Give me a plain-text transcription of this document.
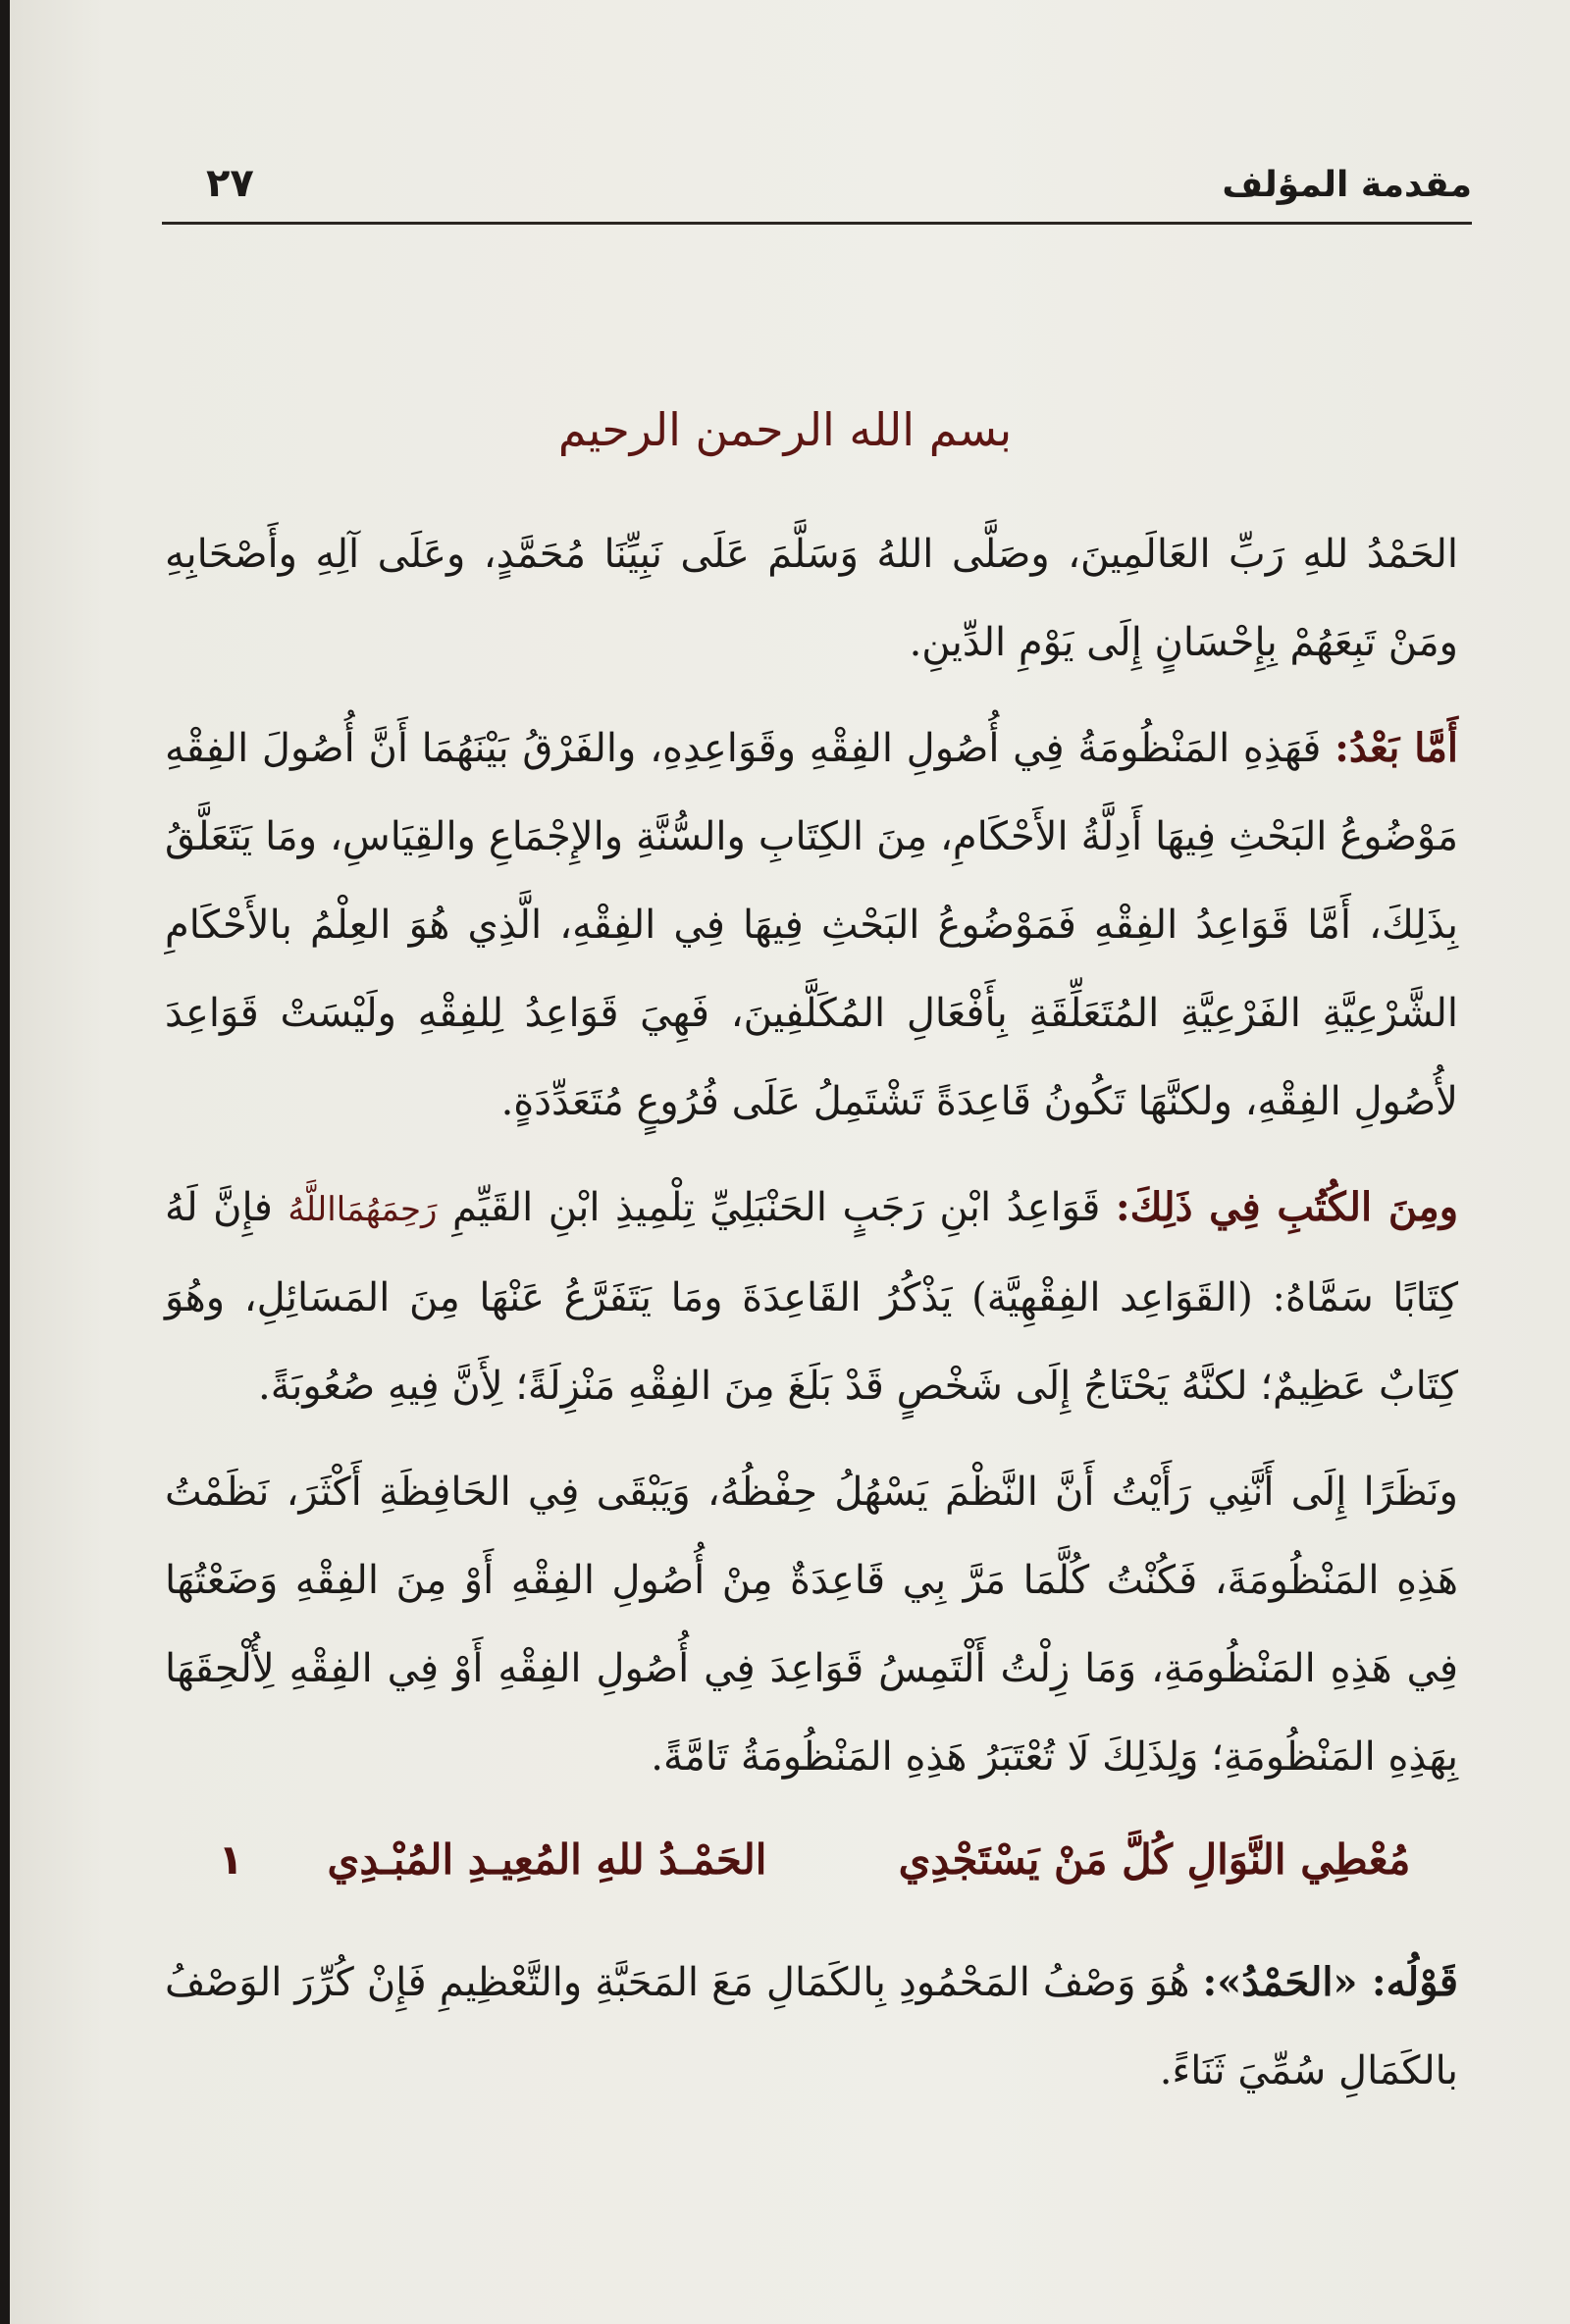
مقدمة المؤلف
٢٧
بسم الله الرحمن الرحيم

الحَمْدُ للهِ رَبِّ العَالَمِينَ، وصَلَّى اللهُ وَسَلَّمَ عَلَى نَبِيِّنَا مُحَمَّدٍ، وعَلَى آلِهِ وأَصْحَابِهِ ومَنْ تَبِعَهُمْ بِإِحْسَانٍ إِلَى يَوْمِ الدِّينِ.

أَمَّا بَعْدُ: فَهَذِهِ المَنْظُومَةُ فِي أُصُولِ الفِقْهِ وقَوَاعِدِهِ، والفَرْقُ بَيْنَهُمَا أَنَّ أُصُولَ الفِقْهِ مَوْضُوعُ البَحْثِ فِيهَا أَدِلَّةُ الأَحْكَامِ، مِنَ الكِتَابِ والسُّنَّةِ والإِجْمَاعِ والقِيَاسِ، ومَا يَتَعَلَّقُ بِذَلِكَ، أَمَّا قَوَاعِدُ الفِقْهِ فَمَوْضُوعُ البَحْثِ فِيهَا فِي الفِقْهِ، الَّذِي هُوَ العِلْمُ بالأَحْكَامِ الشَّرْعِيَّةِ الفَرْعِيَّةِ المُتَعَلِّقَةِ بِأَفْعَالِ المُكَلَّفِينَ، فَهِيَ قَوَاعِدُ لِلفِقْهِ ولَيْسَتْ قَوَاعِدَ لأُصُولِ الفِقْهِ، ولكنَّهَا تَكُونُ قَاعِدَةً تَشْتَمِلُ عَلَى فُرُوعٍ مُتَعَدِّدَةٍ.

ومِنَ الكُتُبِ فِي ذَلِكَ: قَوَاعِدُ ابْنِ رَجَبٍ الحَنْبَلِيِّ تِلْمِيذِ ابْنِ القَيِّمِ رَحِمَهُمَااللَّهُ فإِنَّ لَهُ كِتَابًا سَمَّاهُ: (القَوَاعِد الفِقْهِيَّة) يَذْكُرُ القَاعِدَةَ ومَا يَتَفَرَّعُ عَنْهَا مِنَ المَسَائِلِ، وهُوَ كِتَابٌ عَظِيمٌ؛ لكنَّهُ يَحْتَاجُ إِلَى شَخْصٍ قَدْ بَلَغَ مِنَ الفِقْهِ مَنْزِلَةً؛ لِأَنَّ فِيهِ صُعُوبَةً.

ونَظَرًا إِلَى أَنَّنِي رَأَيْتُ أَنَّ النَّظْمَ يَسْهُلُ حِفْظُهُ، وَيَبْقَى فِي الحَافِظَةِ أَكْثَرَ، نَظَمْتُ هَذِهِ المَنْظُومَةَ، فَكُنْتُ كُلَّمَا مَرَّ بِي قَاعِدَةٌ مِنْ أُصُولِ الفِقْهِ أَوْ مِنَ الفِقْهِ وَضَعْتُهَا فِي هَذِهِ المَنْظُومَةِ، وَمَا زِلْتُ أَلْتَمِسُ قَوَاعِدَ فِي أُصُولِ الفِقْهِ أَوْ فِي الفِقْهِ لِأُلْحِقَهَا بِهَذِهِ المَنْظُومَةِ؛ وَلِذَلِكَ لَا تُعْتَبَرُ هَذِهِ المَنْظُومَةُ تَامَّةً.

١	الحَمْـدُ للهِ المُعِيـدِ المُبْـدِي	مُعْطِي النَّوَالِ كُلَّ مَنْ يَسْتَجْدِي

قَوْلُه: «الحَمْدُ»: هُوَ وَصْفُ المَحْمُودِ بِالكَمَالِ مَعَ المَحَبَّةِ والتَّعْظِيمِ فَإِنْ كُرِّرَ الوَصْفُ بالكَمَالِ سُمِّيَ ثَنَاءً.
